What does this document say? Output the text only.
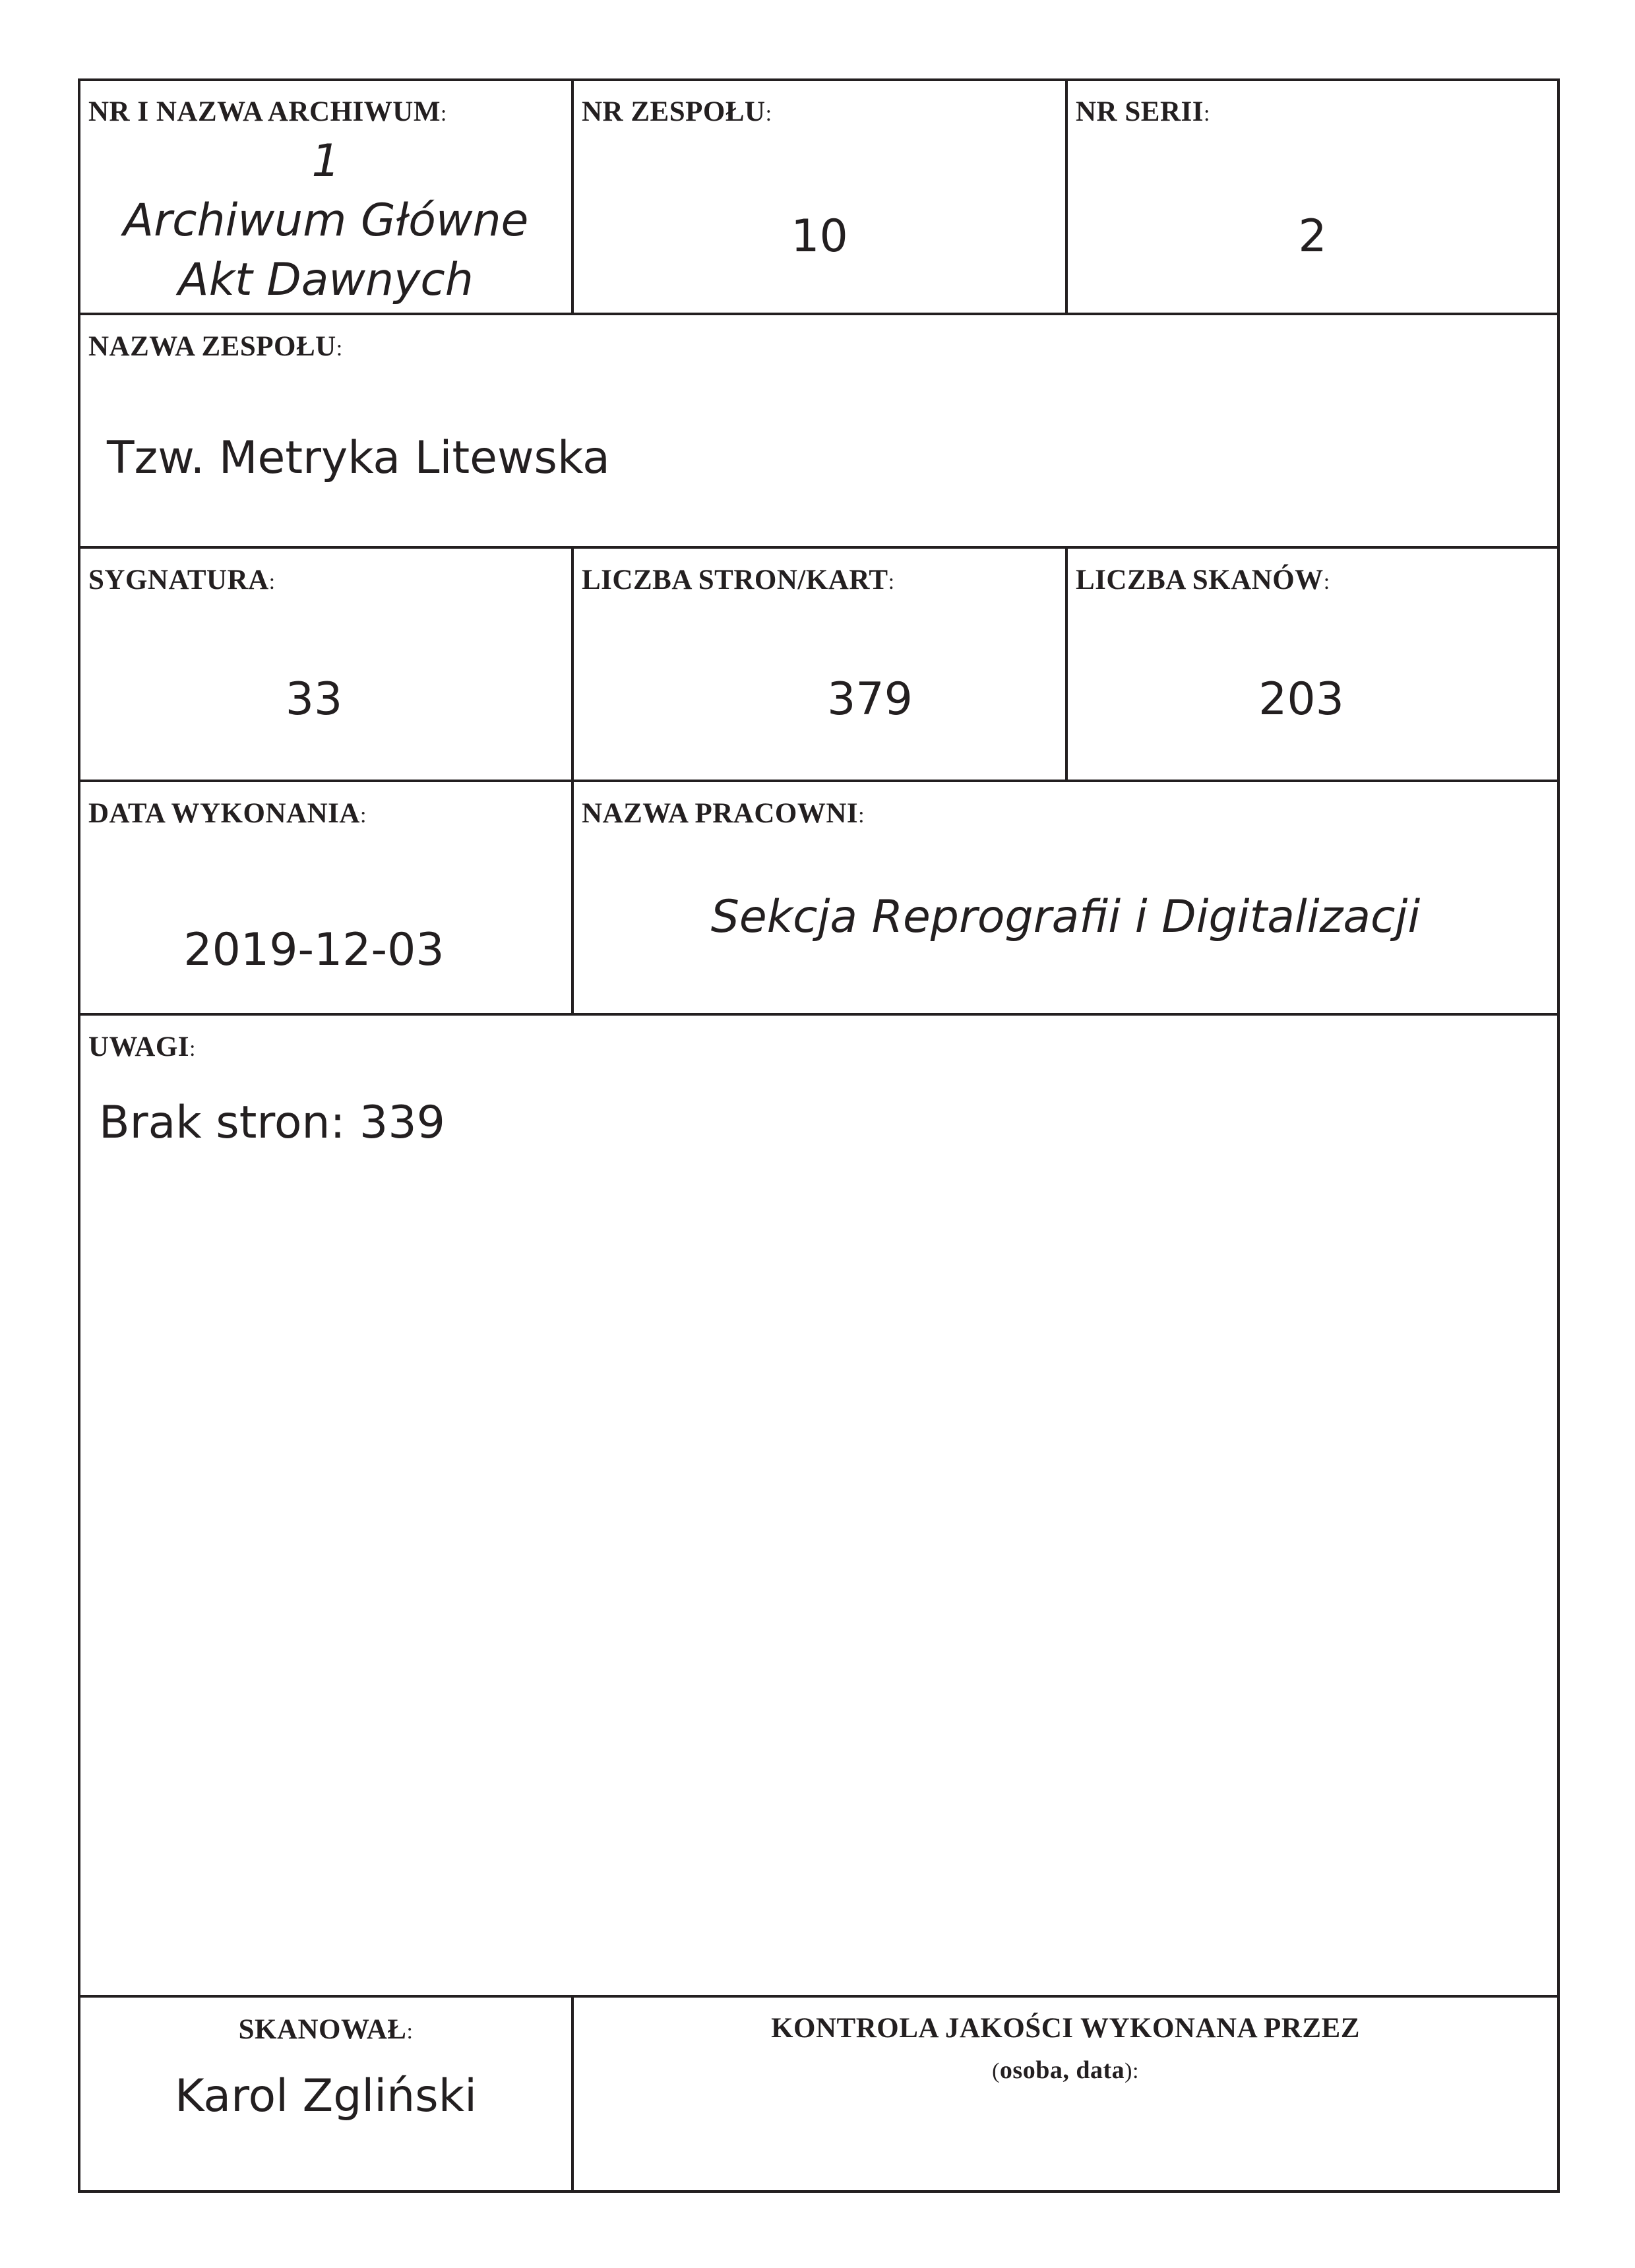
NR I NAZWA ARCHIWUM:
1
Archiwum Główne
Akt Dawnych
NR ZESPOŁU:
10
NR SERII:
2
NAZWA ZESPOŁU:
Tzw. Metryka Litewska
SYGNATURA:
33
LICZBA STRON/KART:
379
LICZBA SKANÓW:
203
DATA WYKONANIA:
2019-12-03
NAZWA PRACOWNI:
Sekcja Reprografii i Digitalizacji
UWAGI:
Brak stron: 339
SKANOWAŁ:
Karol Zgliński
KONTROLA JAKOŚCI WYKONANA PRZEZ
(osoba, data):
